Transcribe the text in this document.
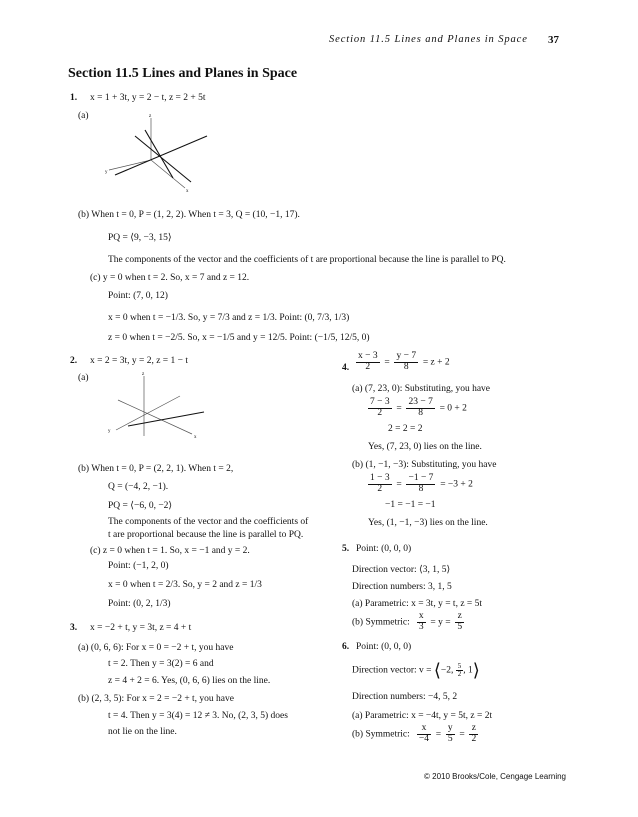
Section 11.5 Lines and Planes in Space 37
Section 11.5 Lines and Planes in Space
1. x = 1 + 3t, y = 2 − t, z = 2 + 5t
(a)	z
y
x
(b) When t = 0, P = (1, 2, 2). When t = 3, Q = (10, −1, 17).
PQ = ⟨9, −3, 15⟩
The components of the vector and the coefficients of t are proportional because the line is parallel to PQ.
(c) y = 0 when t = 2. So, x = 7 and z = 12.
Point: (7, 0, 12)
x = 0 when t = −1/3. So, y = 7/3 and z = 1/3. Point: (0, 7/3, 1/3)
z = 0 when t = −2/5. So, x = −1/5 and y = 12/5. Point: (−1/5, 12/5, 0)
2. x = 2 = 3t, y = 2, z = 1 − t
(a)	z
y
x
(b) When t = 0, P = (2, 2, 1). When t = 2,
Q = (−4, 2, −1).
PQ = ⟨−6, 0, −2⟩
The components of the vector and the coefficients of
t are proportional because the line is parallel to PQ.
(c) z = 0 when t = 1. So, x = −1 and y = 2.
Point: (−1, 2, 0)
x = 0 when t = 2/3. So, y = 2 and z = 1/3
Point: (0, 2, 1/3)
3. x = −2 + t, y = 3t, z = 4 + t
(a) (0, 6, 6): For x = 0 = −2 + t, you have
t = 2. Then y = 3(2) = 6 and
z = 4 + 2 = 6. Yes, (0, 6, 6) lies on the line.
(b) (2, 3, 5): For x = 2 = −2 + t, you have
t = 4. Then y = 3(4) = 12 ≠ 3. No, (2, 3, 5) does
not lie on the line.
4. $\frac{x - 3}{2} = \frac{y - 7}{8} = z + 2$
(a) (7, 23, 0): Substituting, you have
$\frac{7 - 3}{2} = \frac{23 - 7}{8} = 0 + 2$
2 = 2 = 2
Yes, (7, 23, 0) lies on the line.
(b) (1, −1, −3): Substituting, you have
$\frac{1 - 3}{2} = \frac{-1 - 7}{8} = -3 + 2$
−1 = −1 = −1
Yes, (1, −1, −3) lies on the line.
5. Point: (0, 0, 0)
Direction vector: ⟨3, 1, 5⟩
Direction numbers: 3, 1, 5
(a) Parametric: x = 3t, y = t, z = 5t
(b) Symmetric: $\frac{x}{3} = y = \frac{z}{5}$
6. Point: (0, 0, 0)
Direction vector: v = ⟨−2, $\frac{5}{2}$ , 1⟩
Direction numbers: −4, 5, 2
(a) Parametric: x = −4t, y = 5t, z = 2t
(b) Symmetric: $\frac{x}{-4} = \frac{y}{5} = \frac{z}{2}$
© 2010 Brooks/Cole, Cengage Learning
